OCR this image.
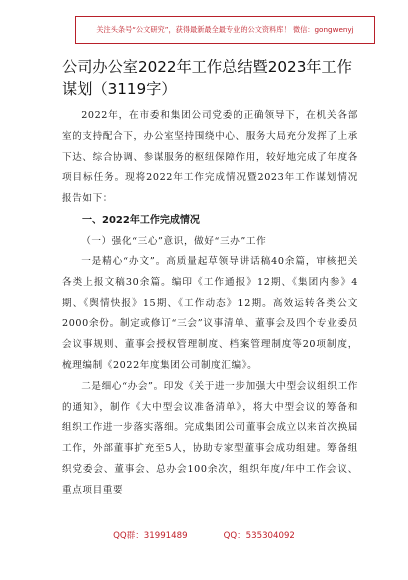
关注头条号“公文研究”，获得最新最全最专业的公文资料库！ 微信：gongwenyj
公司办公室2022年工作总结暨2023年工作谋划（3119字）

2022年，在市委和集团公司党委的正确领导下，在机关各部室的支持配合下，办公室坚持围绕中心、服务大局充分发挥了上承下达、综合协调、参谋服务的枢纽保障作用，较好地完成了年度各项目标任务。现将2022年工作完成情况暨2023年工作谋划情况报告如下：

一、2022年工作完成情况

（一）强化“三心”意识，做好“三办”工作

一是精心“办文”。高质量起草领导讲话稿40余篇，审核把关各类上报文稿30余篇。编印《工作通报》12期、《集团内参》4期、《舆情快报》15期、《工作动态》12期。高效运转各类公文2000余份。制定或修订“三会”议事清单、董事会及四个专业委员会议事规则、董事会授权管理制度、档案管理制度等20项制度，梳理编制《2022年度集团公司制度汇编》。

二是细心“办会”。印发《关于进一步加强大中型会议组织工作的通知》，制作《大中型会议准备清单》，将大中型会议的筹备和组织工作进一步落实落细。完成集团公司董事会成立以来首次换届工作，外部董事扩充至5人，协助专家型董事会成功组建。筹备组织党委会、董事会、总办会100余次，组织年度/年中工作会议、重点项目重要

QQ群：31991489	QQ：535304092
